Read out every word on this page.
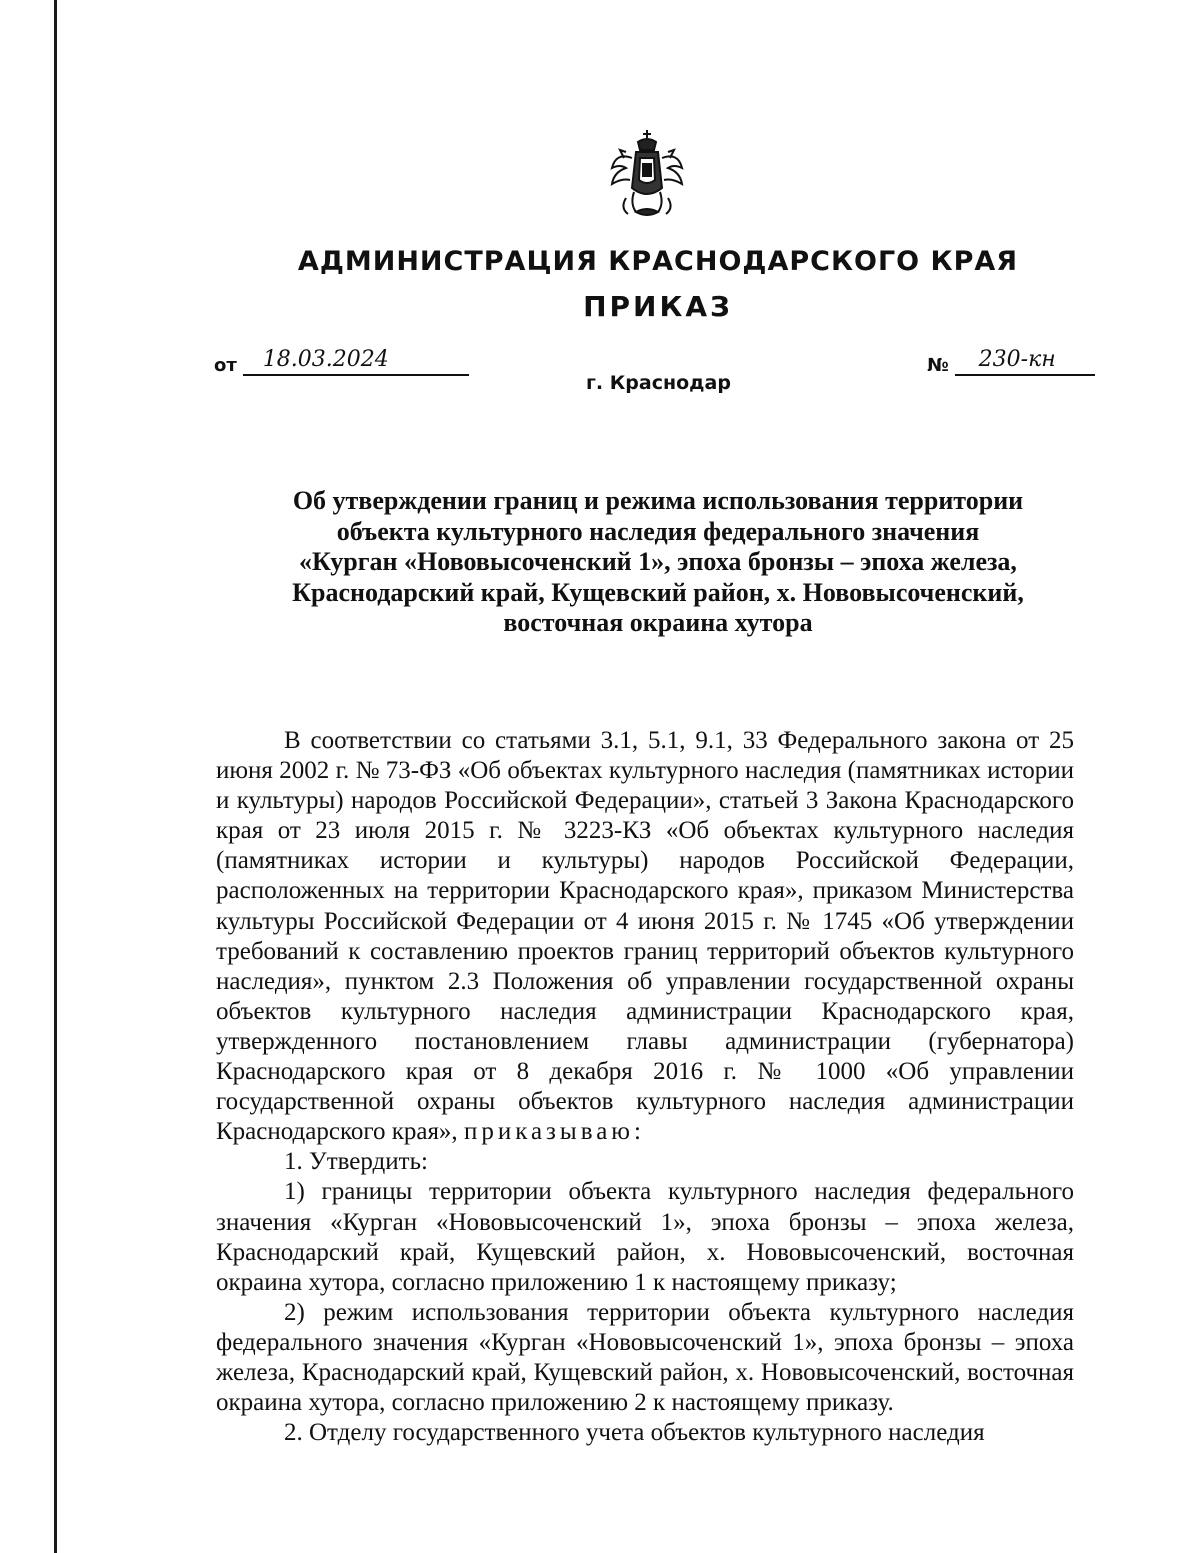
АДМИНИСТРАЦИЯ КРАСНОДАРСКОГО КРАЯ
ПРИКАЗ
от	18.03.2024	№	230-кн

г. Краснодар

Об утверждении границ и режима использования территории
объекта культурного наследия федерального значения
«Курган «Нововысоченский 1», эпоха бронзы – эпоха железа,
Краснодарский край, Кущевский район, х. Нововысоченский,
восточная окраина хутора

В соответствии со статьями 3.1, 5.1, 9.1, 33 Федерального закона от 25 июня 2002 г. № 73-ФЗ «Об объектах культурного наследия (памятниках истории и культуры) народов Российской Федерации», статьей 3 Закона Краснодарского края от 23 июля 2015 г. № 3223-КЗ «Об объектах культурного наследия (памятниках истории и культуры) народов Российской Федерации, расположенных на территории Краснодарского края», приказом Министерства культуры Российской Федерации от 4 июня 2015 г. № 1745 «Об утверждении требований к составлению проектов границ территорий объектов культурного наследия», пунктом 2.3 Положения об управлении государственной охраны объектов культурного наследия администрации Краснодарского края, утвержденного постановлением главы администрации (губернатора) Краснодарского края от 8 декабря 2016 г. № 1000 «Об управлении государственной охраны объектов культурного наследия администрации Краснодарского края», приказываю:

1. Утвердить:

1) границы территории объекта культурного наследия федерального значения «Курган «Нововысоченский 1», эпоха бронзы – эпоха железа, Краснодарский край, Кущевский район, х. Нововысоченский, восточная окраина хутора, согласно приложению 1 к настоящему приказу;

2) режим использования территории объекта культурного наследия федерального значения «Курган «Нововысоченский 1», эпоха бронзы – эпоха железа, Краснодарский край, Кущевский район, х. Нововысоченский, восточная окраина хутора, согласно приложению 2 к настоящему приказу.

2. Отделу государственного учета объектов культурного наследия
